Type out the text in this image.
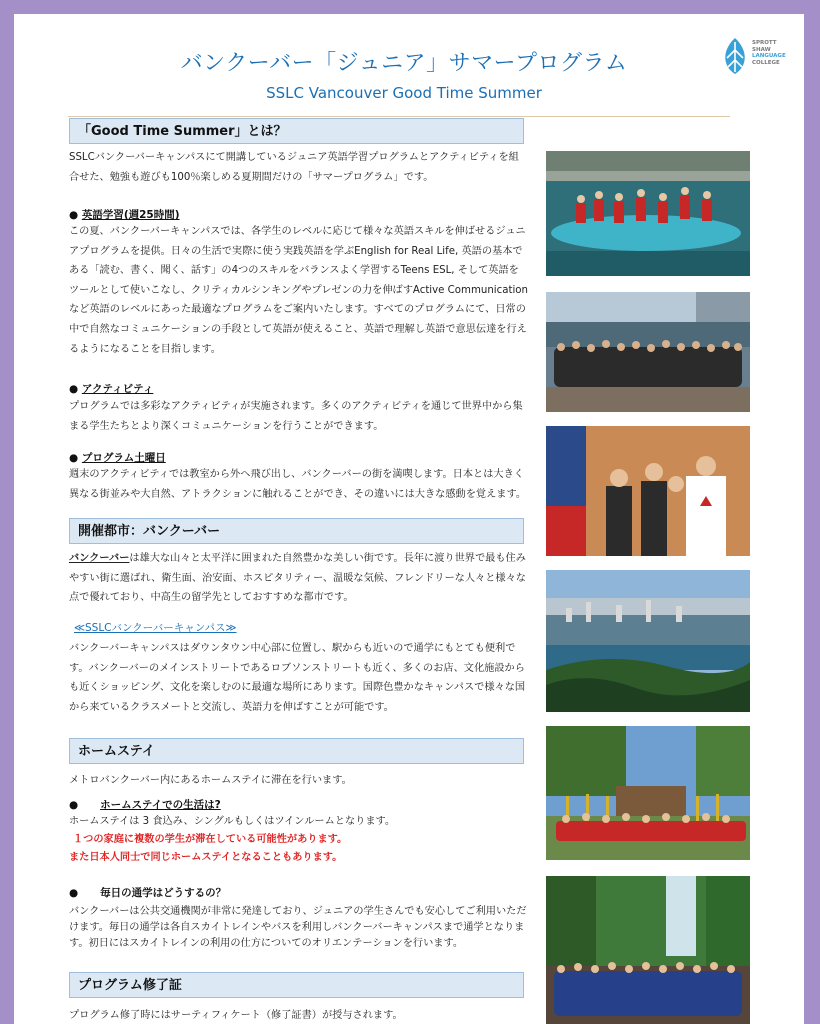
バンクーバー「ジュニア」サマープログラム
SSLC Vancouver Good Time Summer
SPROTT
SHAW
LANGUAGE
COLLEGE
「Good Time Summer」とは？
SSLCバンクーバーキャンパスにて開講しているジュニア英語学習プログラムとアクティビティを組合せた、勉強も遊びも100％楽しめる夏期間だけの「サマープログラム」です。
● 英語学習(週25時間)
この夏、バンクーバーキャンパスでは、各学生のレベルに応じて様々な英語スキルを伸ばせるジュニアプログラムを提供。日々の生活で実際に使う実践英語を学ぶEnglish for Real Life, 英語の基本である「読む、書く、聞く、話す」の4つのスキルをバランスよく学習するTeens ESL, そして英語をツールとして使いこなし、クリティカルシンキングやプレゼンの力を伸ばすActive Communicationなど英語のレベルにあった最適なプログラムをご案内いたします。すべてのプログラムにて、日常の中で自然なコミュニケーションの手段として英語が使えること、英語で理解し英語で意思伝達を行えるようになることを目指します。
● アクティビティ
プログラムでは多彩なアクティビティが実施されます。多くのアクティビティを通じて世界中から集まる学生たちとより深くコミュニケーションを行うことができます。
● プログラム土曜日
週末のアクティビティでは教室から外へ飛び出し、バンクーバーの街を満喫します。日本とは大きく異なる街並みや大自然、アトラクションに触れることができ、その違いには大きな感動を覚えます。
開催都市：バンクーバー
バンクーバーは雄大な山々と太平洋に囲まれた自然豊かな美しい街です。長年に渡り世界で最も住みやすい街に選ばれ、衛生面、治安面、ホスピタリティー、温暖な気候、フレンドリーな人々と様々な点で優れており、中高生の留学先としておすすめな都市です。
≪SSLCバンクーバーキャンパス≫
バンクーバーキャンパスはダウンタウン中心部に位置し、駅からも近いので通学にもとても便利です。バンクーバーのメインストリートであるロブソンストリートも近く、多くのお店、文化施設からも近くショッピング、文化を楽しむのに最適な場所にあります。国際色豊かなキャンパスで様々な国から来ているクラスメートと交流し、英語力を伸ばすことが可能です。
ホームステイ
メトロバンクーバー内にあるホームステイに滞在を行います。
●      ホームステイでの生活は?

ホームステイは 3 食込み、シングルもしくはツインルームとなります。

１つの家庭に複数の学生が滞在している可能性があります。

また日本人同士で同じホームステイとなることもあります。

●      毎日の通学はどうするの？
バンクーバーは公共交通機関が非常に発達しており、ジュニアの学生さんでも安心してご利用いただけます。毎日の通学は各自スカイトレインやバスを利用しバンクーバーキャンパスまで通学となります。初日にはスカイトレインの利用の仕方についてのオリエンテーションを行います。
プログラム修了証
プログラム修了時にはサーティフィケート（修了証書）が授与されます。
